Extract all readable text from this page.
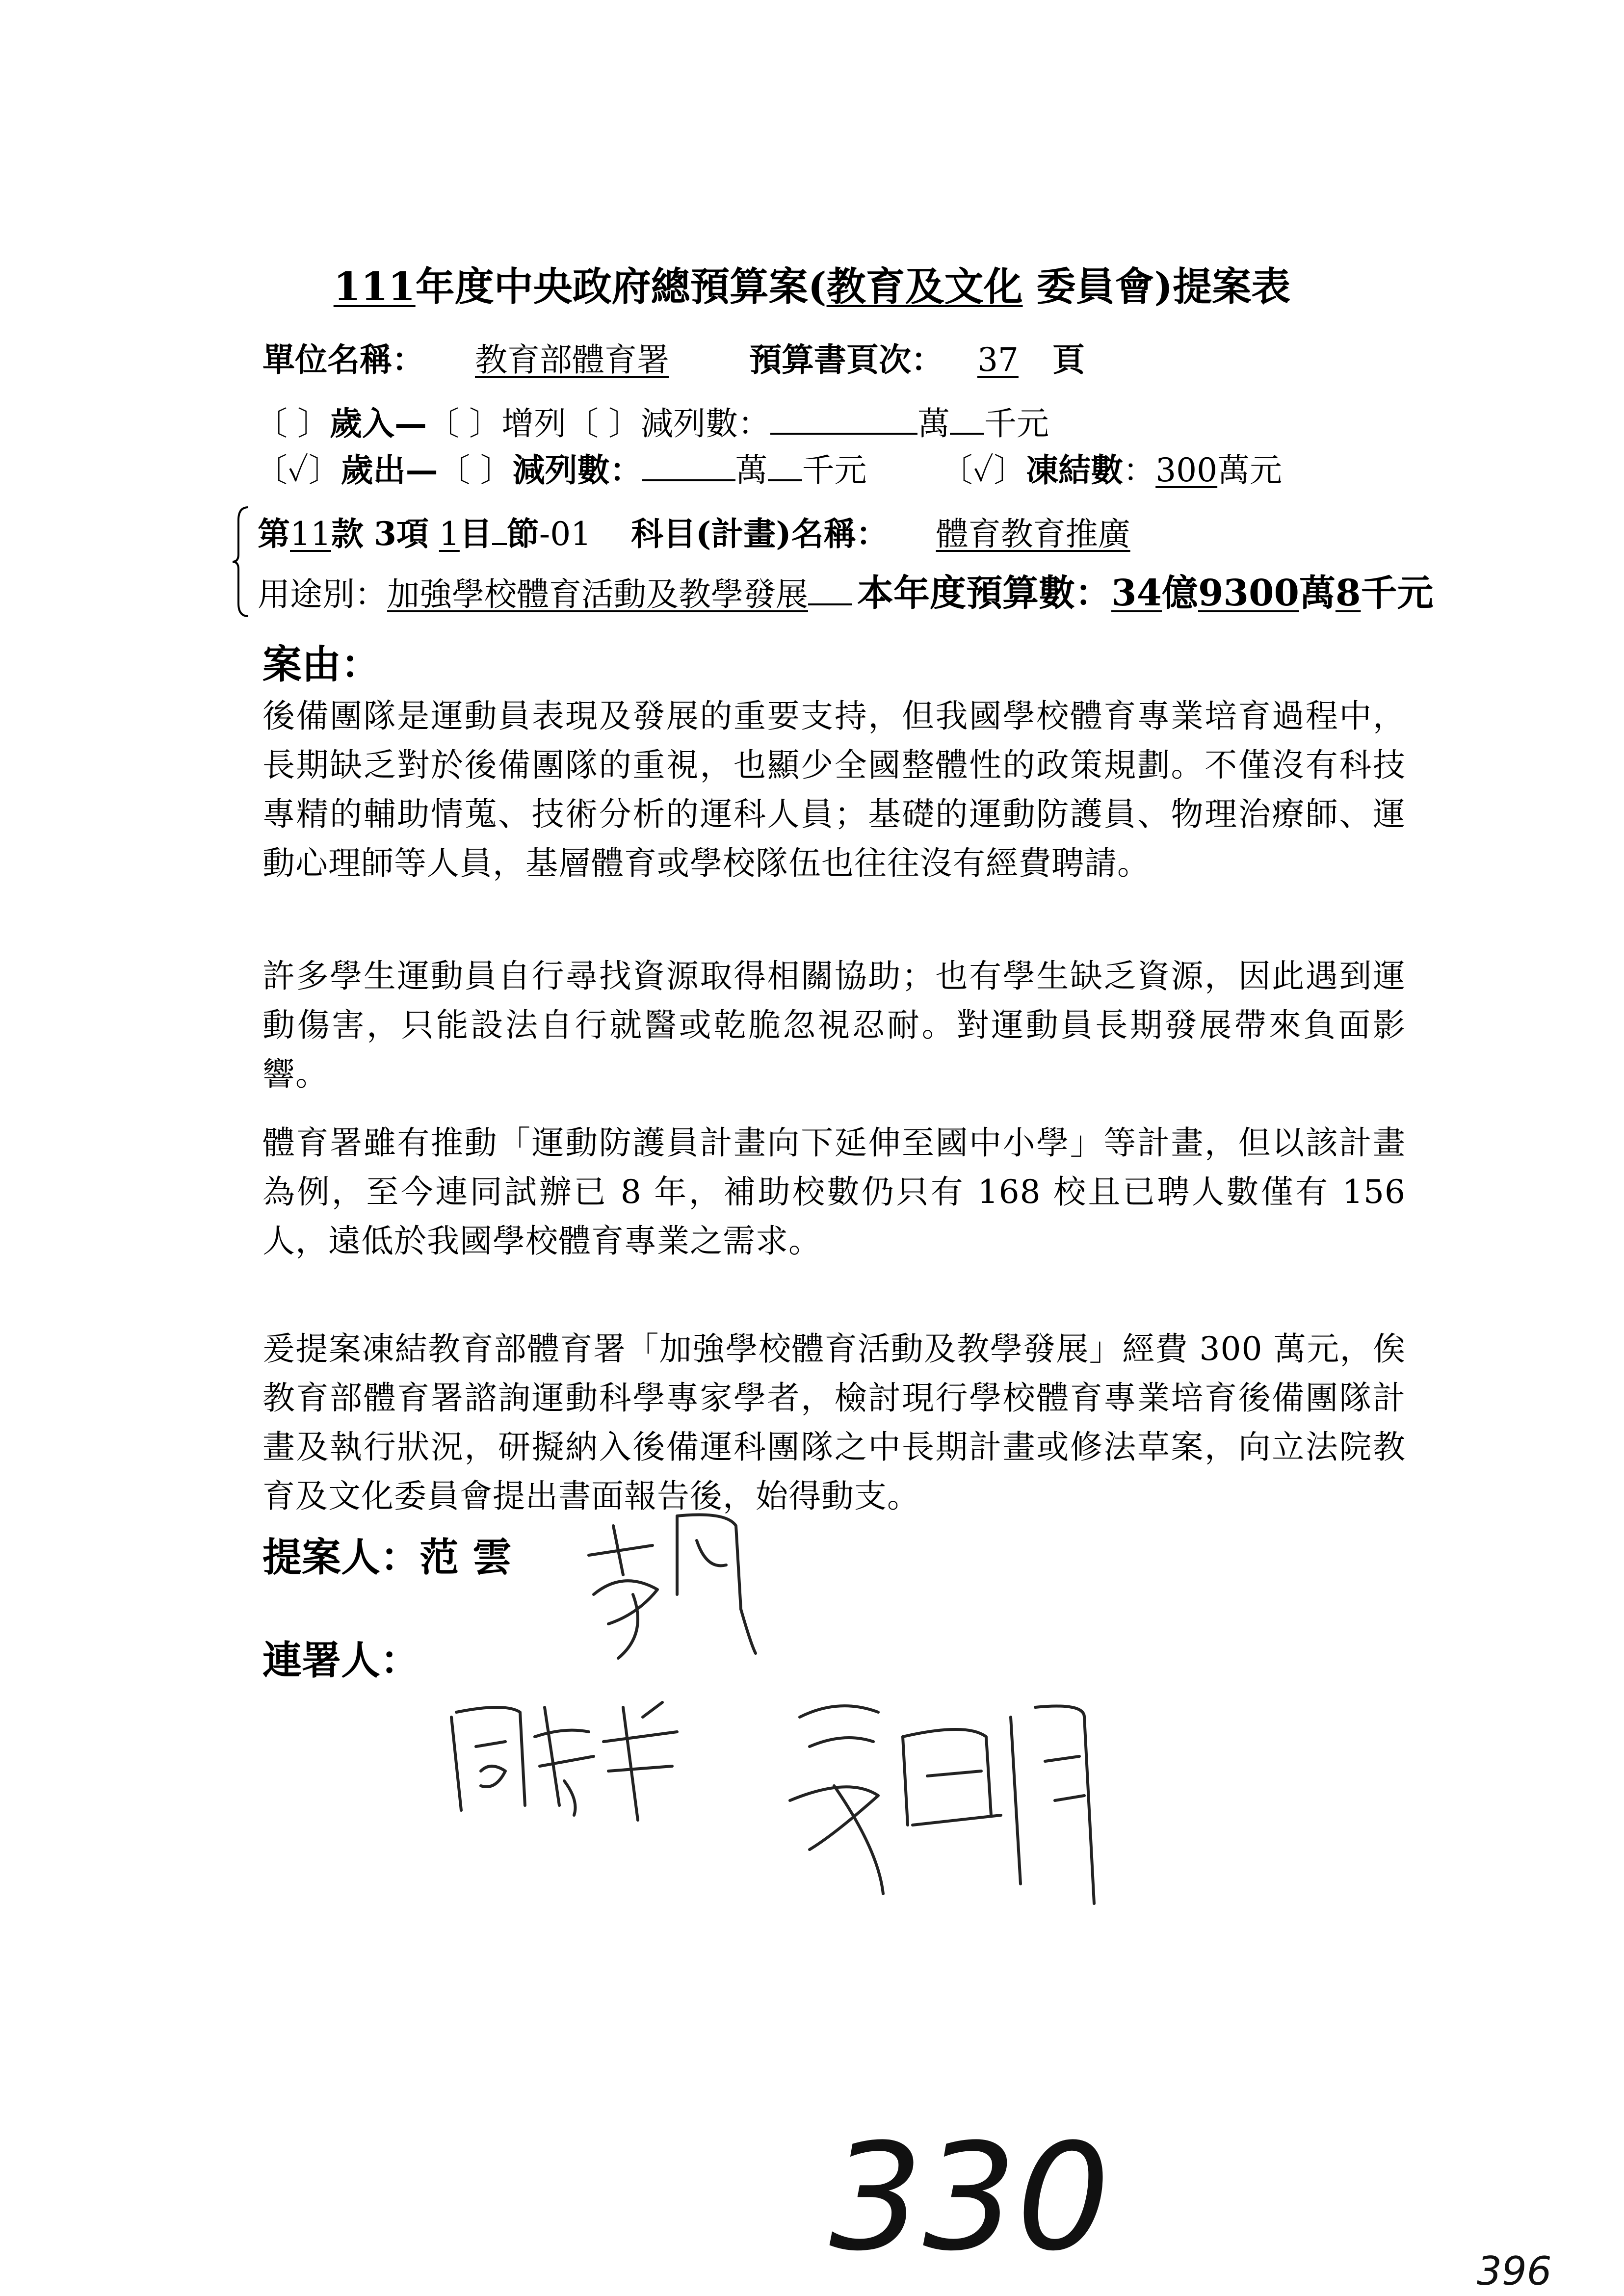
111年度中央政府總預算案(教育及文化 委員會)提案表
單位名稱： 教育部體育署 預算書頁次： 37 頁
〔 〕歲入—〔 〕增列〔 〕減列數：	萬 千元
〔✓〕歲出—〔 〕減列數：	萬 千元 〔✓〕凍結數：300萬元
第11款 3項 1目 節-01 科目(計畫)名稱： 體育教育推廣
用途別：加強學校體育活動及教學發展 本年度預算數：34億9300萬8千元
案由：
後備團隊是運動員表現及發展的重要支持，但我國學校體育專業培育過程中，長期缺乏對於後備團隊的重視，也顯少全國整體性的政策規劃。不僅沒有科技專精的輔助情蒐、技術分析的運科人員；基礎的運動防護員、物理治療師、運動心理師等人員，基層體育或學校隊伍也往往沒有經費聘請。
許多學生運動員自行尋找資源取得相關協助；也有學生缺乏資源，因此遇到運動傷害，只能設法自行就醫或乾脆忽視忍耐。對運動員長期發展帶來負面影響。
體育署雖有推動「運動防護員計畫向下延伸至國中小學」等計畫，但以該計畫為例，至今連同試辦已 8 年，補助校數仍只有 168 校且已聘人數僅有 156 人，遠低於我國學校體育專業之需求。
爰提案凍結教育部體育署「加強學校體育活動及教學發展」經費 300 萬元，俟教育部體育署諮詢運動科學專家學者，檢討現行學校體育專業培育後備團隊計畫及執行狀況，研擬納入後備運科團隊之中長期計畫或修法草案，向立法院教育及文化委員會提出書面報告後，始得動支。
提案人：范 雲
連署人：
330	396
